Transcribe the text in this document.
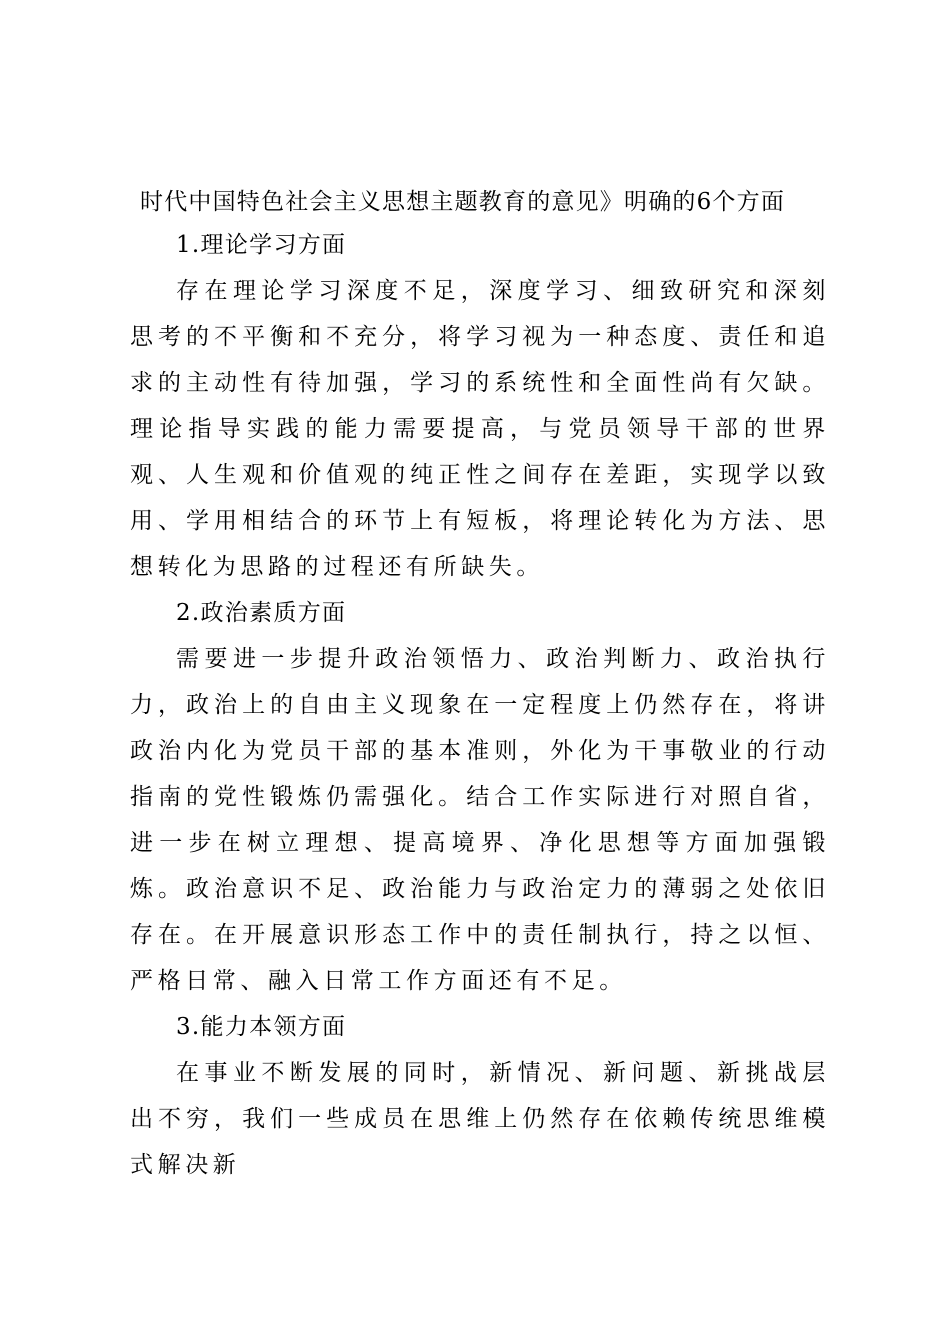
时代中国特色社会主义思想主题教育的意见》明确的6个方面

1.理论学习方面

存在理论学习深度不足，深度学习、细致研究和深刻思考的不平衡和不充分，将学习视为一种态度、责任和追求的主动性有待加强，学习的系统性和全面性尚有欠缺。理论指导实践的能力需要提高，与党员领导干部的世界观、人生观和价值观的纯正性之间存在差距，实现学以致用、学用相结合的环节上有短板，将理论转化为方法、思想转化为思路的过程还有所缺失。

2.政治素质方面

需要进一步提升政治领悟力、政治判断力、政治执行力，政治上的自由主义现象在一定程度上仍然存在，将讲政治内化为党员干部的基本准则，外化为干事敬业的行动指南的党性锻炼仍需强化。结合工作实际进行对照自省，进一步在树立理想、提高境界、净化思想等方面加强锻炼。政治意识不足、政治能力与政治定力的薄弱之处依旧存在。在开展意识形态工作中的责任制执行，持之以恒、严格日常、融入日常工作方面还有不足。

3.能力本领方面

在事业不断发展的同时，新情况、新问题、新挑战层出不穷，我们一些成员在思维上仍然存在依赖传统思维模式解决新
